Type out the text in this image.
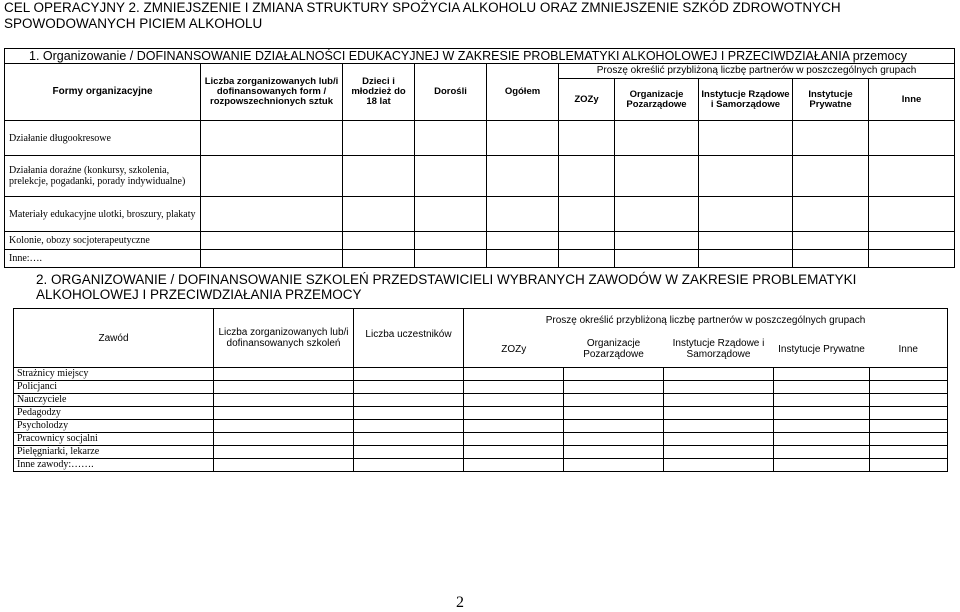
CEL OPERACYJNY 2. ZMNIEJSZENIE I ZMIANA STRUKTURY SPOŻYCIA ALKOHOLU ORAZ ZMNIEJSZENIE SZKÓD ZDROWOTNYCH
SPOWODOWANYCH PICIEM ALKOHOLU
1. Organizowanie / DOFINANSOWANIE DZIAŁALNOŚCI EDUKACYJNEJ W ZAKRESIE PROBLEMATYKI ALKOHOLOWEJ I PRZECIWDZIAŁANIA przemocy									
Formy organizacyjne	Liczba zorganizowanych lub/i dofinansowanych form / rozpowszechnionych sztuk	Dzieci i młodzież do 18 lat	Dorośli	Ogółem	Proszę określić przybliżoną liczbę partnerów w poszczególnych grupach				
					ZOZy	Organizacje Pozarządowe	Instytucje Rządowe i Samorządowe	Instytucje Prywatne	Inne
Działanie długookresowe									
Działania doraźne (konkursy, szkolenia, prelekcje, pogadanki, porady indywidualne)									
Materiały edukacyjne ulotki, broszury, plakaty									
Kolonie, obozy socjoterapeutyczne									
Inne:….									
2. ORGANIZOWANIE / DOFINANSOWANIE SZKOLEŃ PRZEDSTAWICIELI WYBRANYCH ZAWODÓW W ZAKRESIE PROBLEMATYKI ALKOHOLOWEJ I PRZECIWDZIAŁANIA PRZEMOCY
Zawód	Liczba zorganizowanych lub/i dofinansowanych szkoleń	Liczba uczestników	Proszę określić przybliżoną liczbę partnerów w poszczególnych grupach				
			ZOZy	Organizacje Pozarządowe	Instytucje Rządowe i Samorządowe	Instytucje Prywatne	Inne
Strażnicy miejscy							
Policjanci							
Nauczyciele							
Pedagodzy							
Psycholodzy							
Pracownicy socjalni							
Pielęgniarki, lekarze							
Inne zawody:…….							
2
